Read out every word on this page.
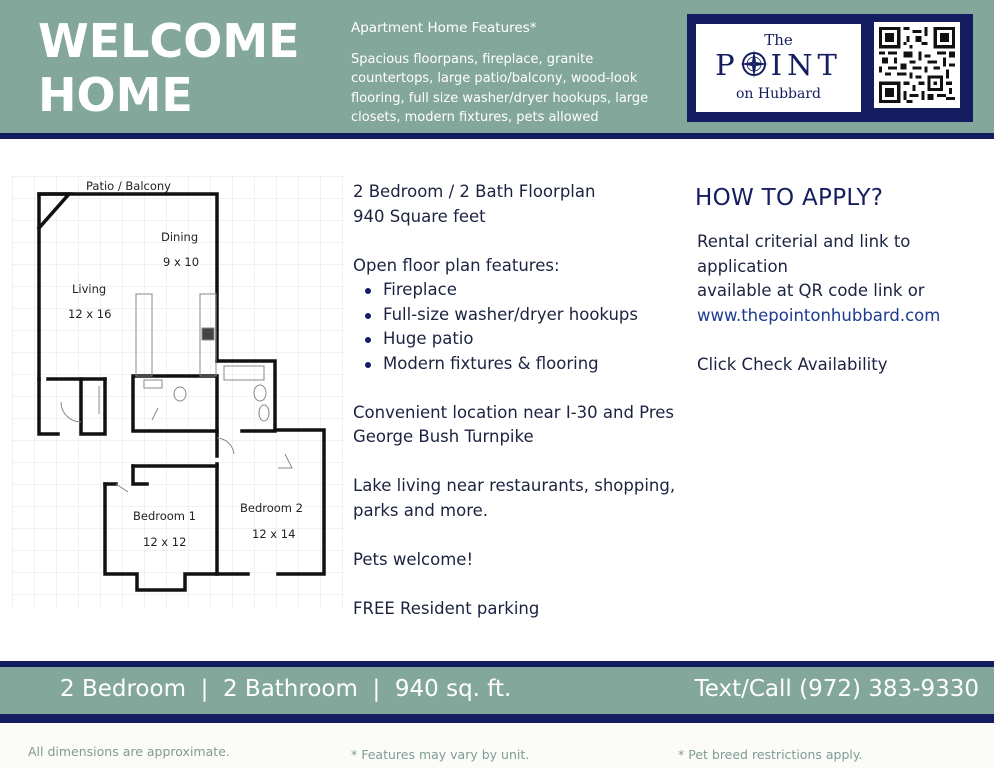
WELCOME
HOME
Apartment Home Features*
Spacious floorpans, fireplace, granite countertops, large patio/balcony, wood-look flooring, full size washer/dryer hookups, large closets, modern fixtures, pets allowed
The
P INT
on Hubbard
Patio / Balcony
Dining
9 x 10
Living
12 x 16
Bedroom 1
12 x 12
Bedroom 2
12 x 14

2 Bedroom / 2 Bath Floorplan

940 Square feet

Open floor plan features:

Fireplace
Full-size washer/dryer hookups
Huge patio
Modern fixtures & flooring

Convenient location near I-30 and Pres

George Bush Turnpike

Lake living near restaurants, shopping,

parks and more.

Pets welcome!

FREE Resident parking

HOW TO APPLY?

Rental criterial and link to

application

available at QR code link or

www.thepointonhubbard.com

Click Check Availability

2 Bedroom  |  2 Bathroom  |  940 sq. ft.	Text/Call (972) 383-9330
All dimensions are approximate.	* Features may vary by unit.	* Pet breed restrictions apply.
